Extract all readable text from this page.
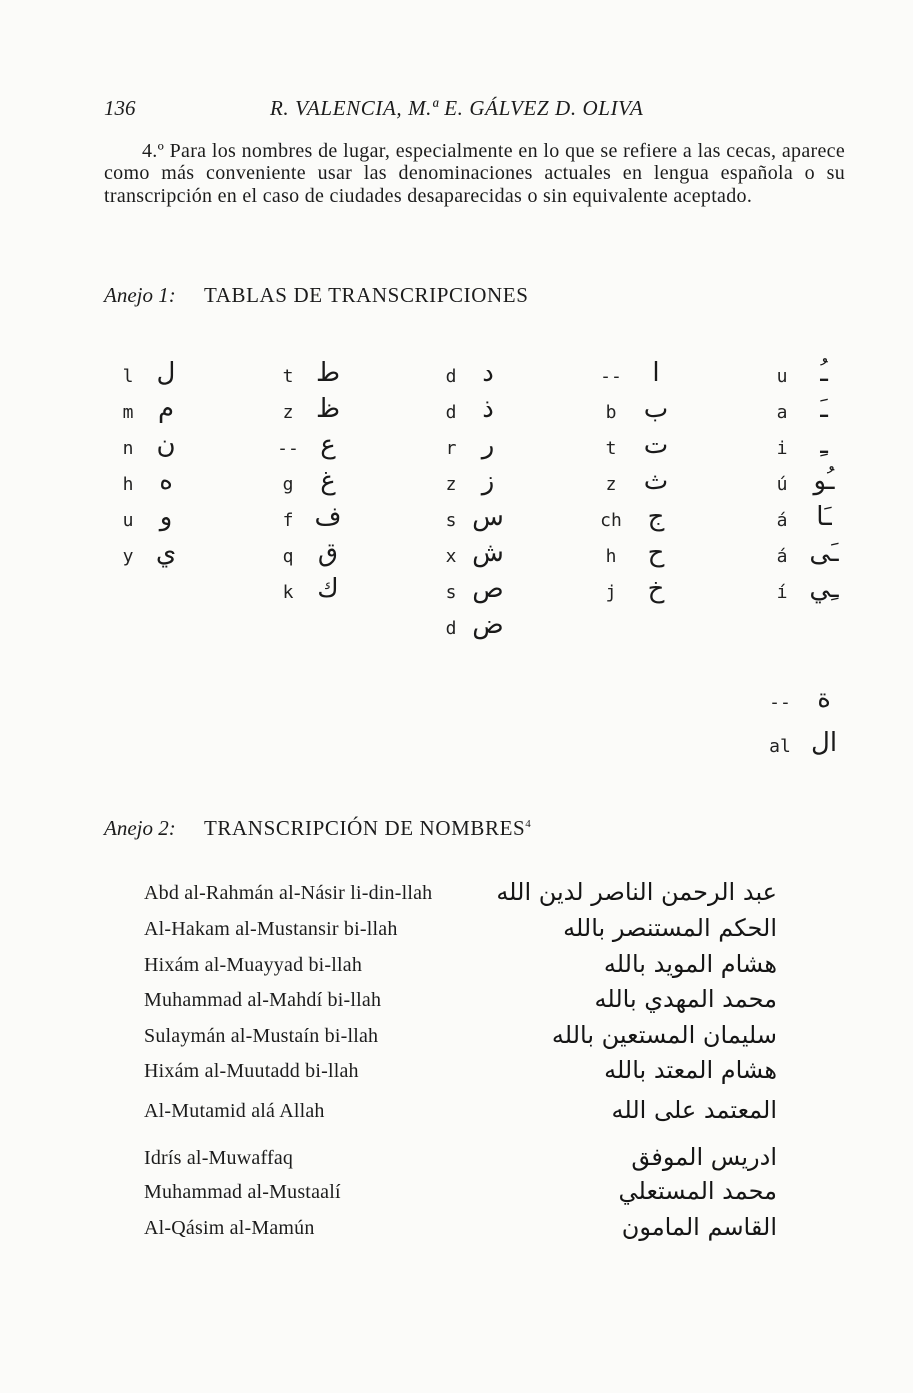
136	R. VALENCIA, M.ª E. GÁLVEZ D. OLIVA
4.º Para los nombres de lugar, especialmente en lo que se refiere a las cecas, aparece como más conveniente usar las denominaciones actuales en lengua española o su transcripción en el caso de ciudades desaparecidas o sin equivalente aceptado.
Anejo 1: TABLAS DE TRANSCRIPCIONES
l ل
m م
n ن
h ه
u و
y ي
t ط
z ظ
-- ع
g غ
f ف
q ق
k ك
d د
d ذ
r ر
z ز
s س
x ش
s ص
d ض
-- ا
b ب
t ت
z ث
ch ج
h ح
j خ
u ـُ
a ـَ
i ـِ
ú ـُو
á ـَا
á ـَى
í ـِي
-- ة
al ال
Anejo 2: TRANSCRIPCIÓN DE NOMBRES$^4$
Abd al-Rahmán al-Násir li-din-llah	عبد الرحمن الناصر لدين الله
Al-Hakam al-Mustansir bi-llah	الحكم المستنصر بالله
Hixám al-Muayyad bi-llah	هشام المويد بالله
Muhammad al-Mahdí bi-llah	محمد المهدي بالله
Sulaymán al-Mustaín bi-llah	سليمان المستعين بالله
Hixám al-Muutadd bi-llah	هشام المعتد بالله
Al-Mutamid alá Allah	المعتمد على الله
Idrís al-Muwaffaq	ادريس الموفق
Muhammad al-Mustaalí	محمد المستعلي
Al-Qásim al-Mamún	القاسم المامون
